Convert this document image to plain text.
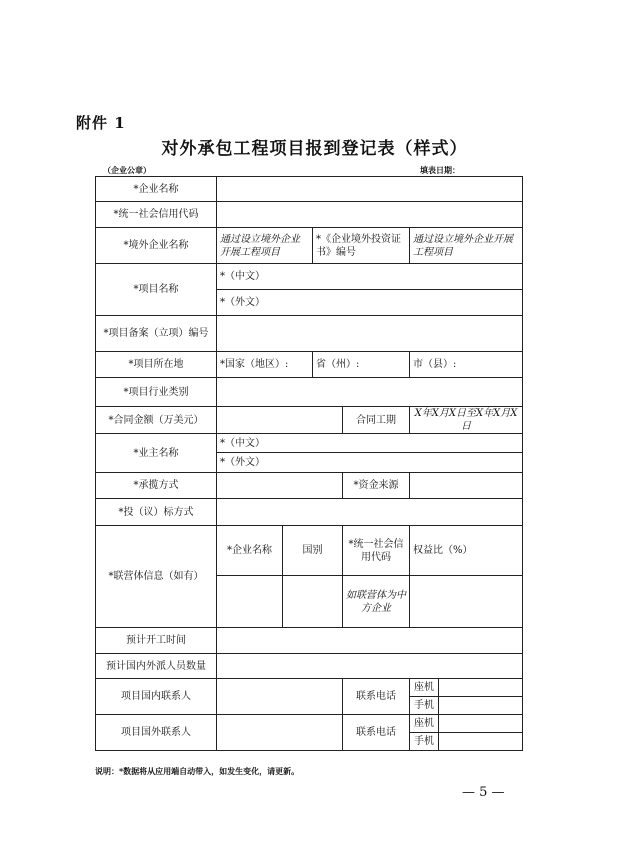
附件 1
对外承包工程项目报到登记表（样式）
（企业公章）	填表日期：
*企业名称						
*统一社会信用代码						
*境外企业名称	通过设立境外企业开展工程项目		*《企业境外投资证书》编号		通过设立境外企业开展工程项目	
*项目名称	*（中文）					
	*（外文）					
*项目备案（立项）编号						
*项目所在地	*国家（地区）:		省（州）:		市（县）:	
*项目行业类别						
*合同金额（万美元）				合同工期	X年X月X日至X年X月X日	
*业主名称	*（中文）					
	*（外文）					
*承揽方式				*资金来源		
*投（议）标方式						
*联营体信息（如有）	*企业名称	国别		*统一社会信用代码	权益比（%）	
				如联营体为中方企业		
预计开工时间						
预计国内外派人员数量						
项目国内联系人				联系电话	座机	
					手机	
项目国外联系人				联系电话	座机	
					手机	
说明：*数据将从应用端自动带入，如发生变化，请更新。
— 5 —
